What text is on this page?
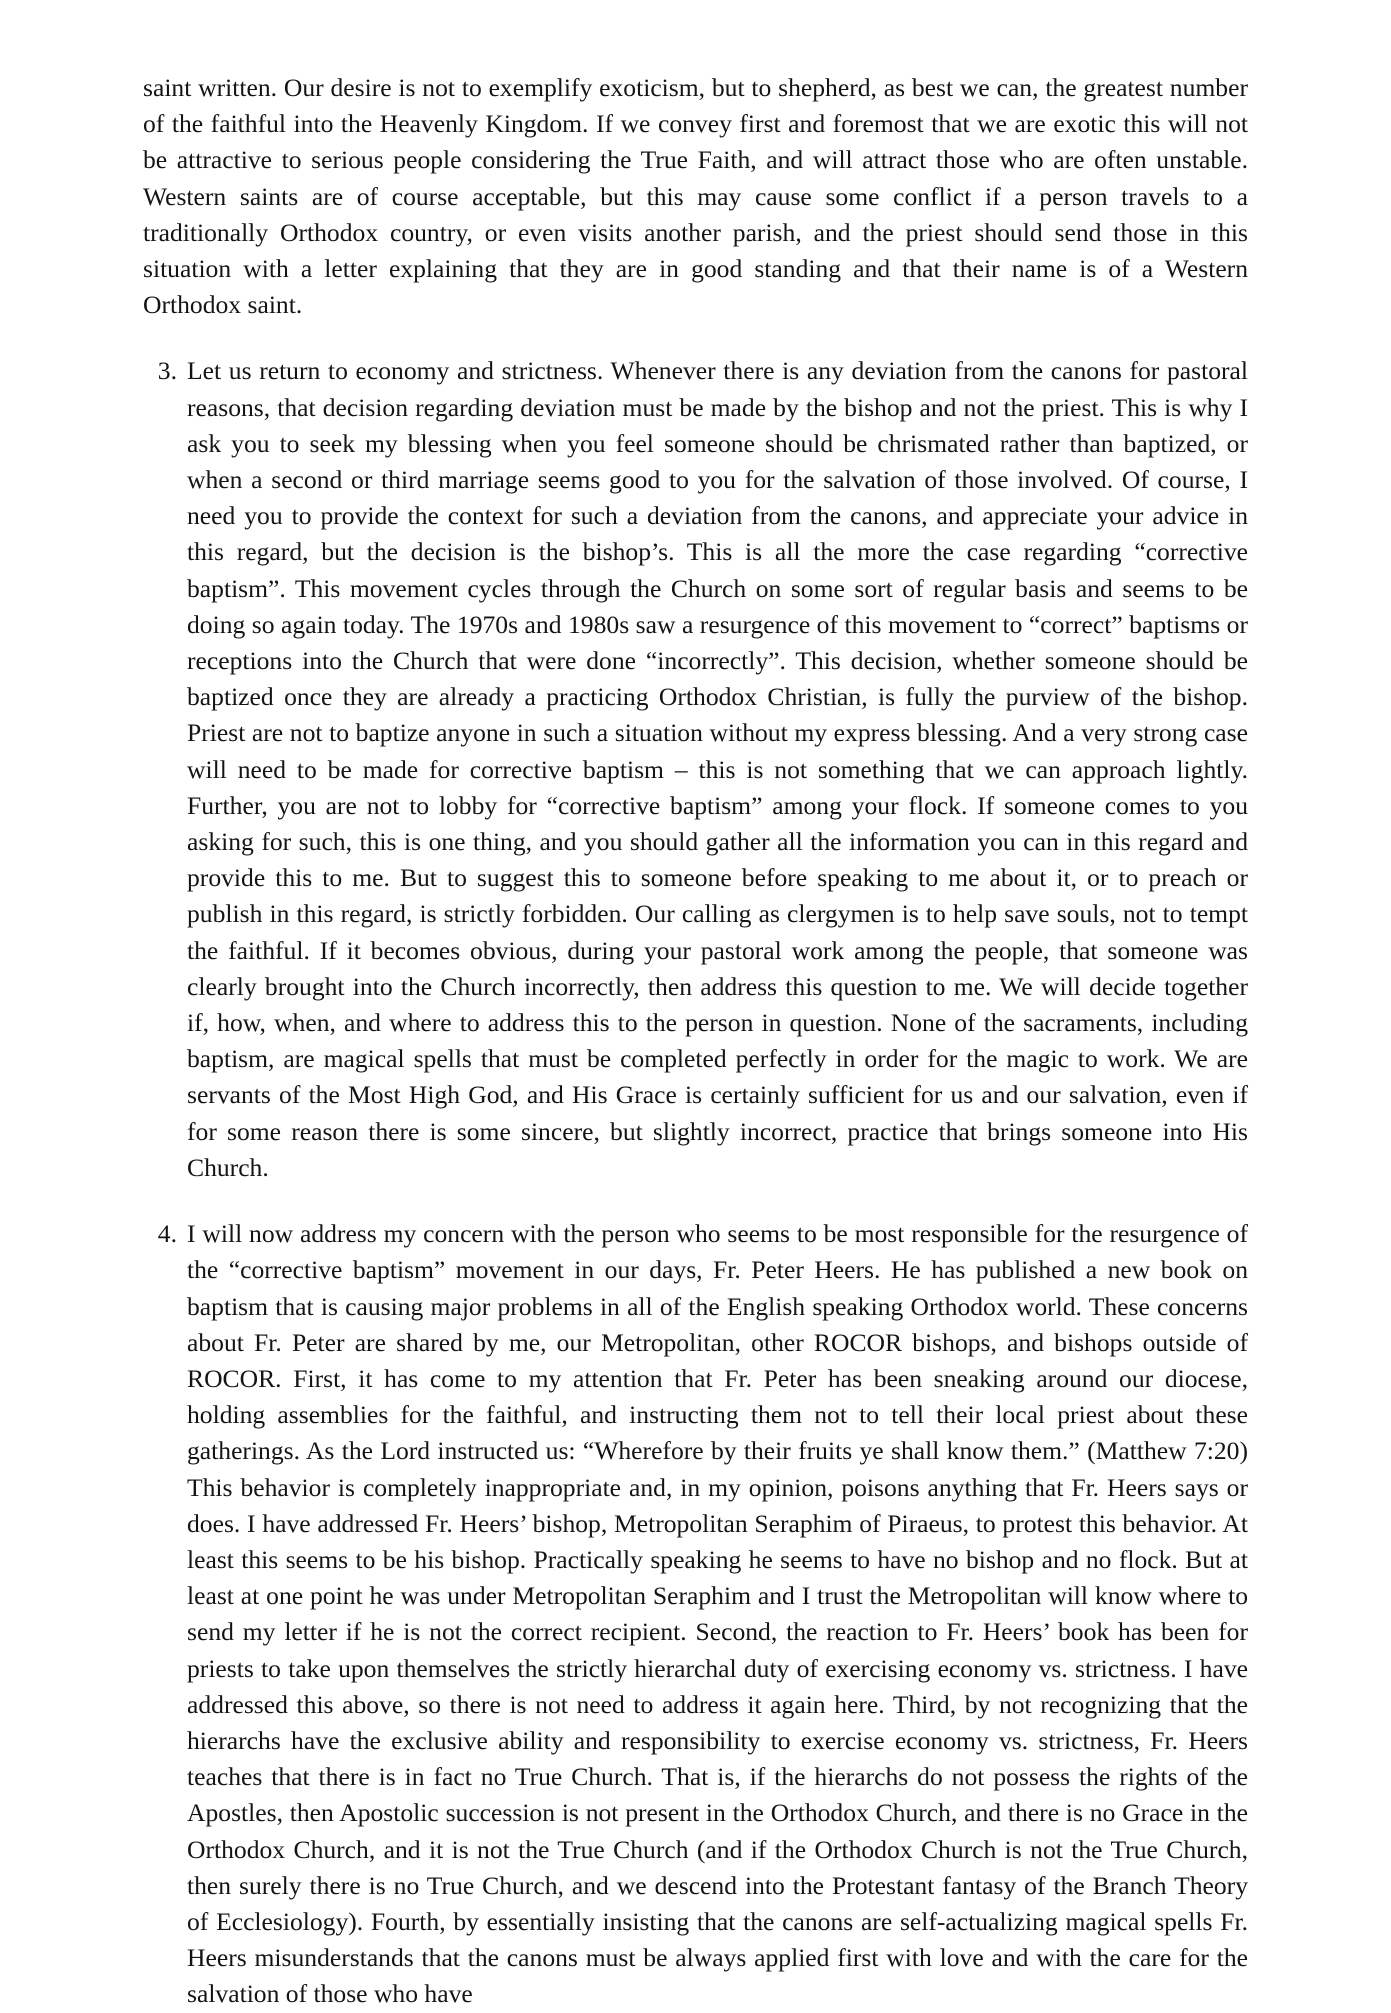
saint written. Our desire is not to exemplify exoticism, but to shepherd, as best we can, the greatest number of the faithful into the Heavenly Kingdom. If we convey first and foremost that we are exotic this will not be attractive to serious people considering the True Faith, and will attract those who are often unstable. Western saints are of course acceptable, but this may cause some conflict if a person travels to a traditionally Orthodox country, or even visits another parish, and the priest should send those in this situation with a letter explaining that they are in good standing and that their name is of a Western Orthodox saint.

3. Let us return to economy and strictness. Whenever there is any deviation from the canons for pastoral reasons, that decision regarding deviation must be made by the bishop and not the priest. This is why I ask you to seek my blessing when you feel someone should be chrismated rather than baptized, or when a second or third marriage seems good to you for the salvation of those involved. Of course, I need you to provide the context for such a deviation from the canons, and appreciate your advice in this regard, but the decision is the bishop’s. This is all the more the case regarding “corrective baptism”. This movement cycles through the Church on some sort of regular basis and seems to be doing so again today. The 1970s and 1980s saw a resurgence of this movement to “correct” baptisms or receptions into the Church that were done “incorrectly”. This decision, whether someone should be baptized once they are already a practicing Orthodox Christian, is fully the purview of the bishop. Priest are not to baptize anyone in such a situation without my express blessing. And a very strong case will need to be made for corrective baptism – this is not something that we can approach lightly. Further, you are not to lobby for “corrective baptism” among your flock. If someone comes to you asking for such, this is one thing, and you should gather all the information you can in this regard and provide this to me. But to suggest this to someone before speaking to me about it, or to preach or publish in this regard, is strictly forbidden. Our calling as clergymen is to help save souls, not to tempt the faithful. If it becomes obvious, during your pastoral work among the people, that someone was clearly brought into the Church incorrectly, then address this question to me. We will decide together if, how, when, and where to address this to the person in question. None of the sacraments, including baptism, are magical spells that must be completed perfectly in order for the magic to work. We are servants of the Most High God, and His Grace is certainly sufficient for us and our salvation, even if for some reason there is some sincere, but slightly incorrect, practice that brings someone into His Church.
4. I will now address my concern with the person who seems to be most responsible for the resurgence of the “corrective baptism” movement in our days, Fr. Peter Heers. He has published a new book on baptism that is causing major problems in all of the English speaking Orthodox world. These concerns about Fr. Peter are shared by me, our Metropolitan, other ROCOR bishops, and bishops outside of ROCOR. First, it has come to my attention that Fr. Peter has been sneaking around our diocese, holding assemblies for the faithful, and instructing them not to tell their local priest about these gatherings. As the Lord instructed us: “Wherefore by their fruits ye shall know them.” (Matthew 7:20) This behavior is completely inappropriate and, in my opinion, poisons anything that Fr. Heers says or does. I have addressed Fr. Heers’ bishop, Metropolitan Seraphim of Piraeus, to protest this behavior. At least this seems to be his bishop. Practically speaking he seems to have no bishop and no flock. But at least at one point he was under Metropolitan Seraphim and I trust the Metropolitan will know where to send my letter if he is not the correct recipient. Second, the reaction to Fr. Heers’ book has been for priests to take upon themselves the strictly hierarchal duty of exercising economy vs. strictness. I have addressed this above, so there is not need to address it again here. Third, by not recognizing that the hierarchs have the exclusive ability and responsibility to exercise economy vs. strictness, Fr. Heers teaches that there is in fact no True Church. That is, if the hierarchs do not possess the rights of the Apostles, then Apostolic succession is not present in the Orthodox Church, and there is no Grace in the Orthodox Church, and it is not the True Church (and if the Orthodox Church is not the True Church, then surely there is no True Church, and we descend into the Protestant fantasy of the Branch Theory of Ecclesiology). Fourth, by essentially insisting that the canons are self-actualizing magical spells Fr. Heers misunderstands that the canons must be always applied first with love and with the care for the salvation of those who have
